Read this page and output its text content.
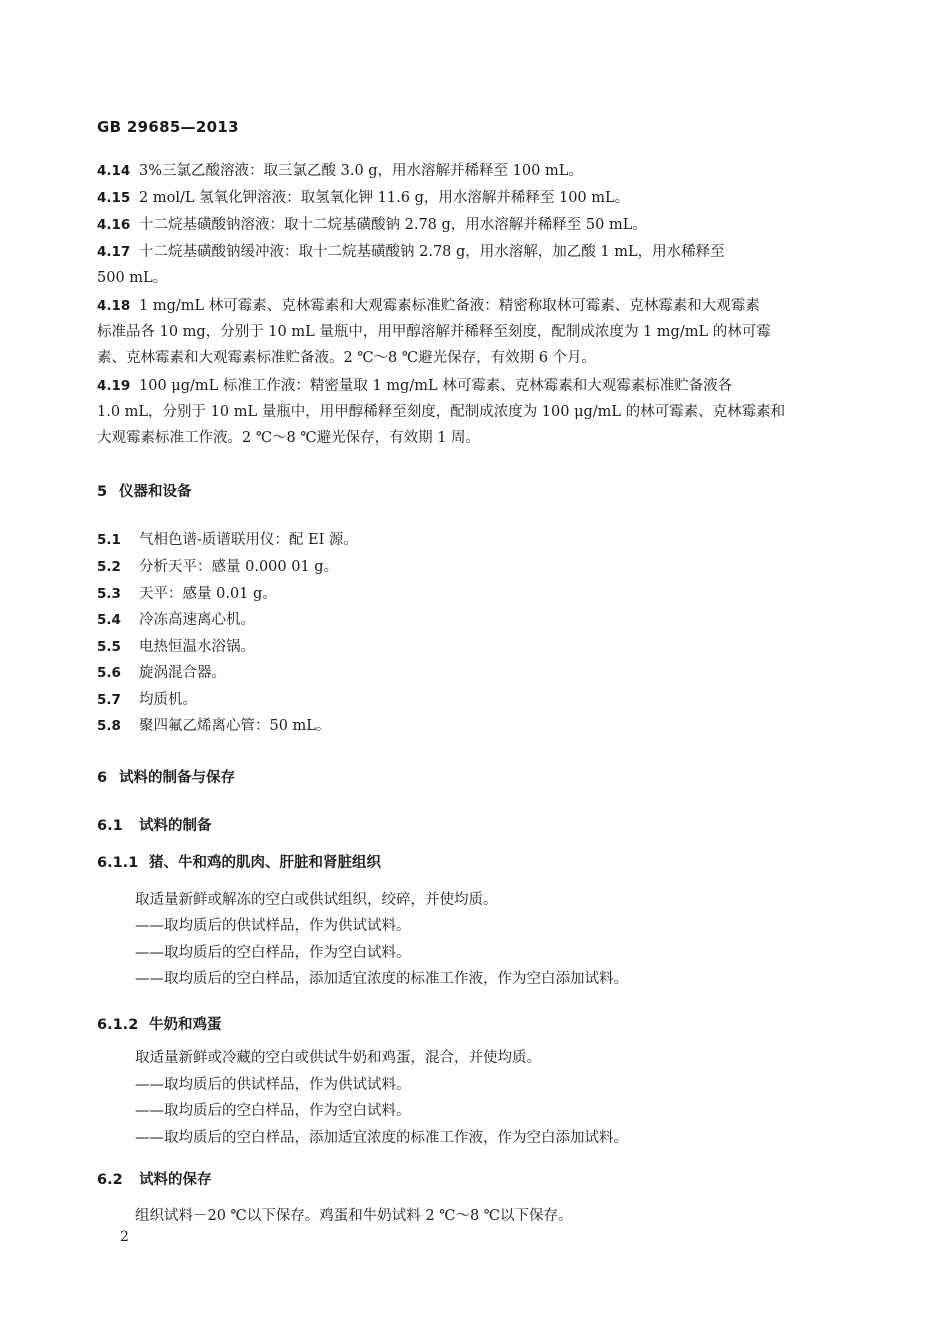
GB 29685—2013
4.14 3%三氯乙酸溶液：取三氯乙酸 3.0 g，用水溶解并稀释至 100 mL。
4.15 2 mol/L 氢氧化钾溶液：取氢氧化钾 11.6 g，用水溶解并稀释至 100 mL。
4.16 十二烷基磺酸钠溶液：取十二烷基磺酸钠 2.78 g，用水溶解并稀释至 50 mL。
4.17 十二烷基磺酸钠缓冲液：取十二烷基磺酸钠 2.78 g，用水溶解，加乙酸 1 mL，用水稀释至
500 mL。
4.18 1 mg/mL 林可霉素、克林霉素和大观霉素标准贮备液：精密称取林可霉素、克林霉素和大观霉素
标准品各 10 mg，分别于 10 mL 量瓶中，用甲醇溶解并稀释至刻度，配制成浓度为 1 mg/mL 的林可霉
素、克林霉素和大观霉素标准贮备液。2 ℃～8 ℃避光保存，有效期 6 个月。
4.19 100 μg/mL 标准工作液：精密量取 1 mg/mL 林可霉素、克林霉素和大观霉素标准贮备液各
1.0 mL，分别于 10 mL 量瓶中，用甲醇稀释至刻度，配制成浓度为 100 μg/mL 的林可霉素、克林霉素和
大观霉素标准工作液。2 ℃～8 ℃避光保存，有效期 1 周。
5 仪器和设备
5.1 气相色谱-质谱联用仪：配 EI 源。
5.2 分析天平：感量 0.000 01 g。
5.3 天平：感量 0.01 g。
5.4 冷冻高速离心机。
5.5 电热恒温水浴锅。
5.6 旋涡混合器。
5.7 均质机。
5.8 聚四氟乙烯离心管：50 mL。
6 试料的制备与保存
6.1 试料的制备
6.1.1 猪、牛和鸡的肌肉、肝脏和肾脏组织
取适量新鲜或解冻的空白或供试组织，绞碎，并使均质。
——取均质后的供试样品，作为供试试料。
——取均质后的空白样品，作为空白试料。
——取均质后的空白样品，添加适宜浓度的标准工作液，作为空白添加试料。
6.1.2 牛奶和鸡蛋
取适量新鲜或冷藏的空白或供试牛奶和鸡蛋，混合，并使均质。
——取均质后的供试样品，作为供试试料。
——取均质后的空白样品，作为空白试料。
——取均质后的空白样品，添加适宜浓度的标准工作液，作为空白添加试料。
6.2 试料的保存
组织试料－20 ℃以下保存。鸡蛋和牛奶试料 2 ℃～8 ℃以下保存。
2
